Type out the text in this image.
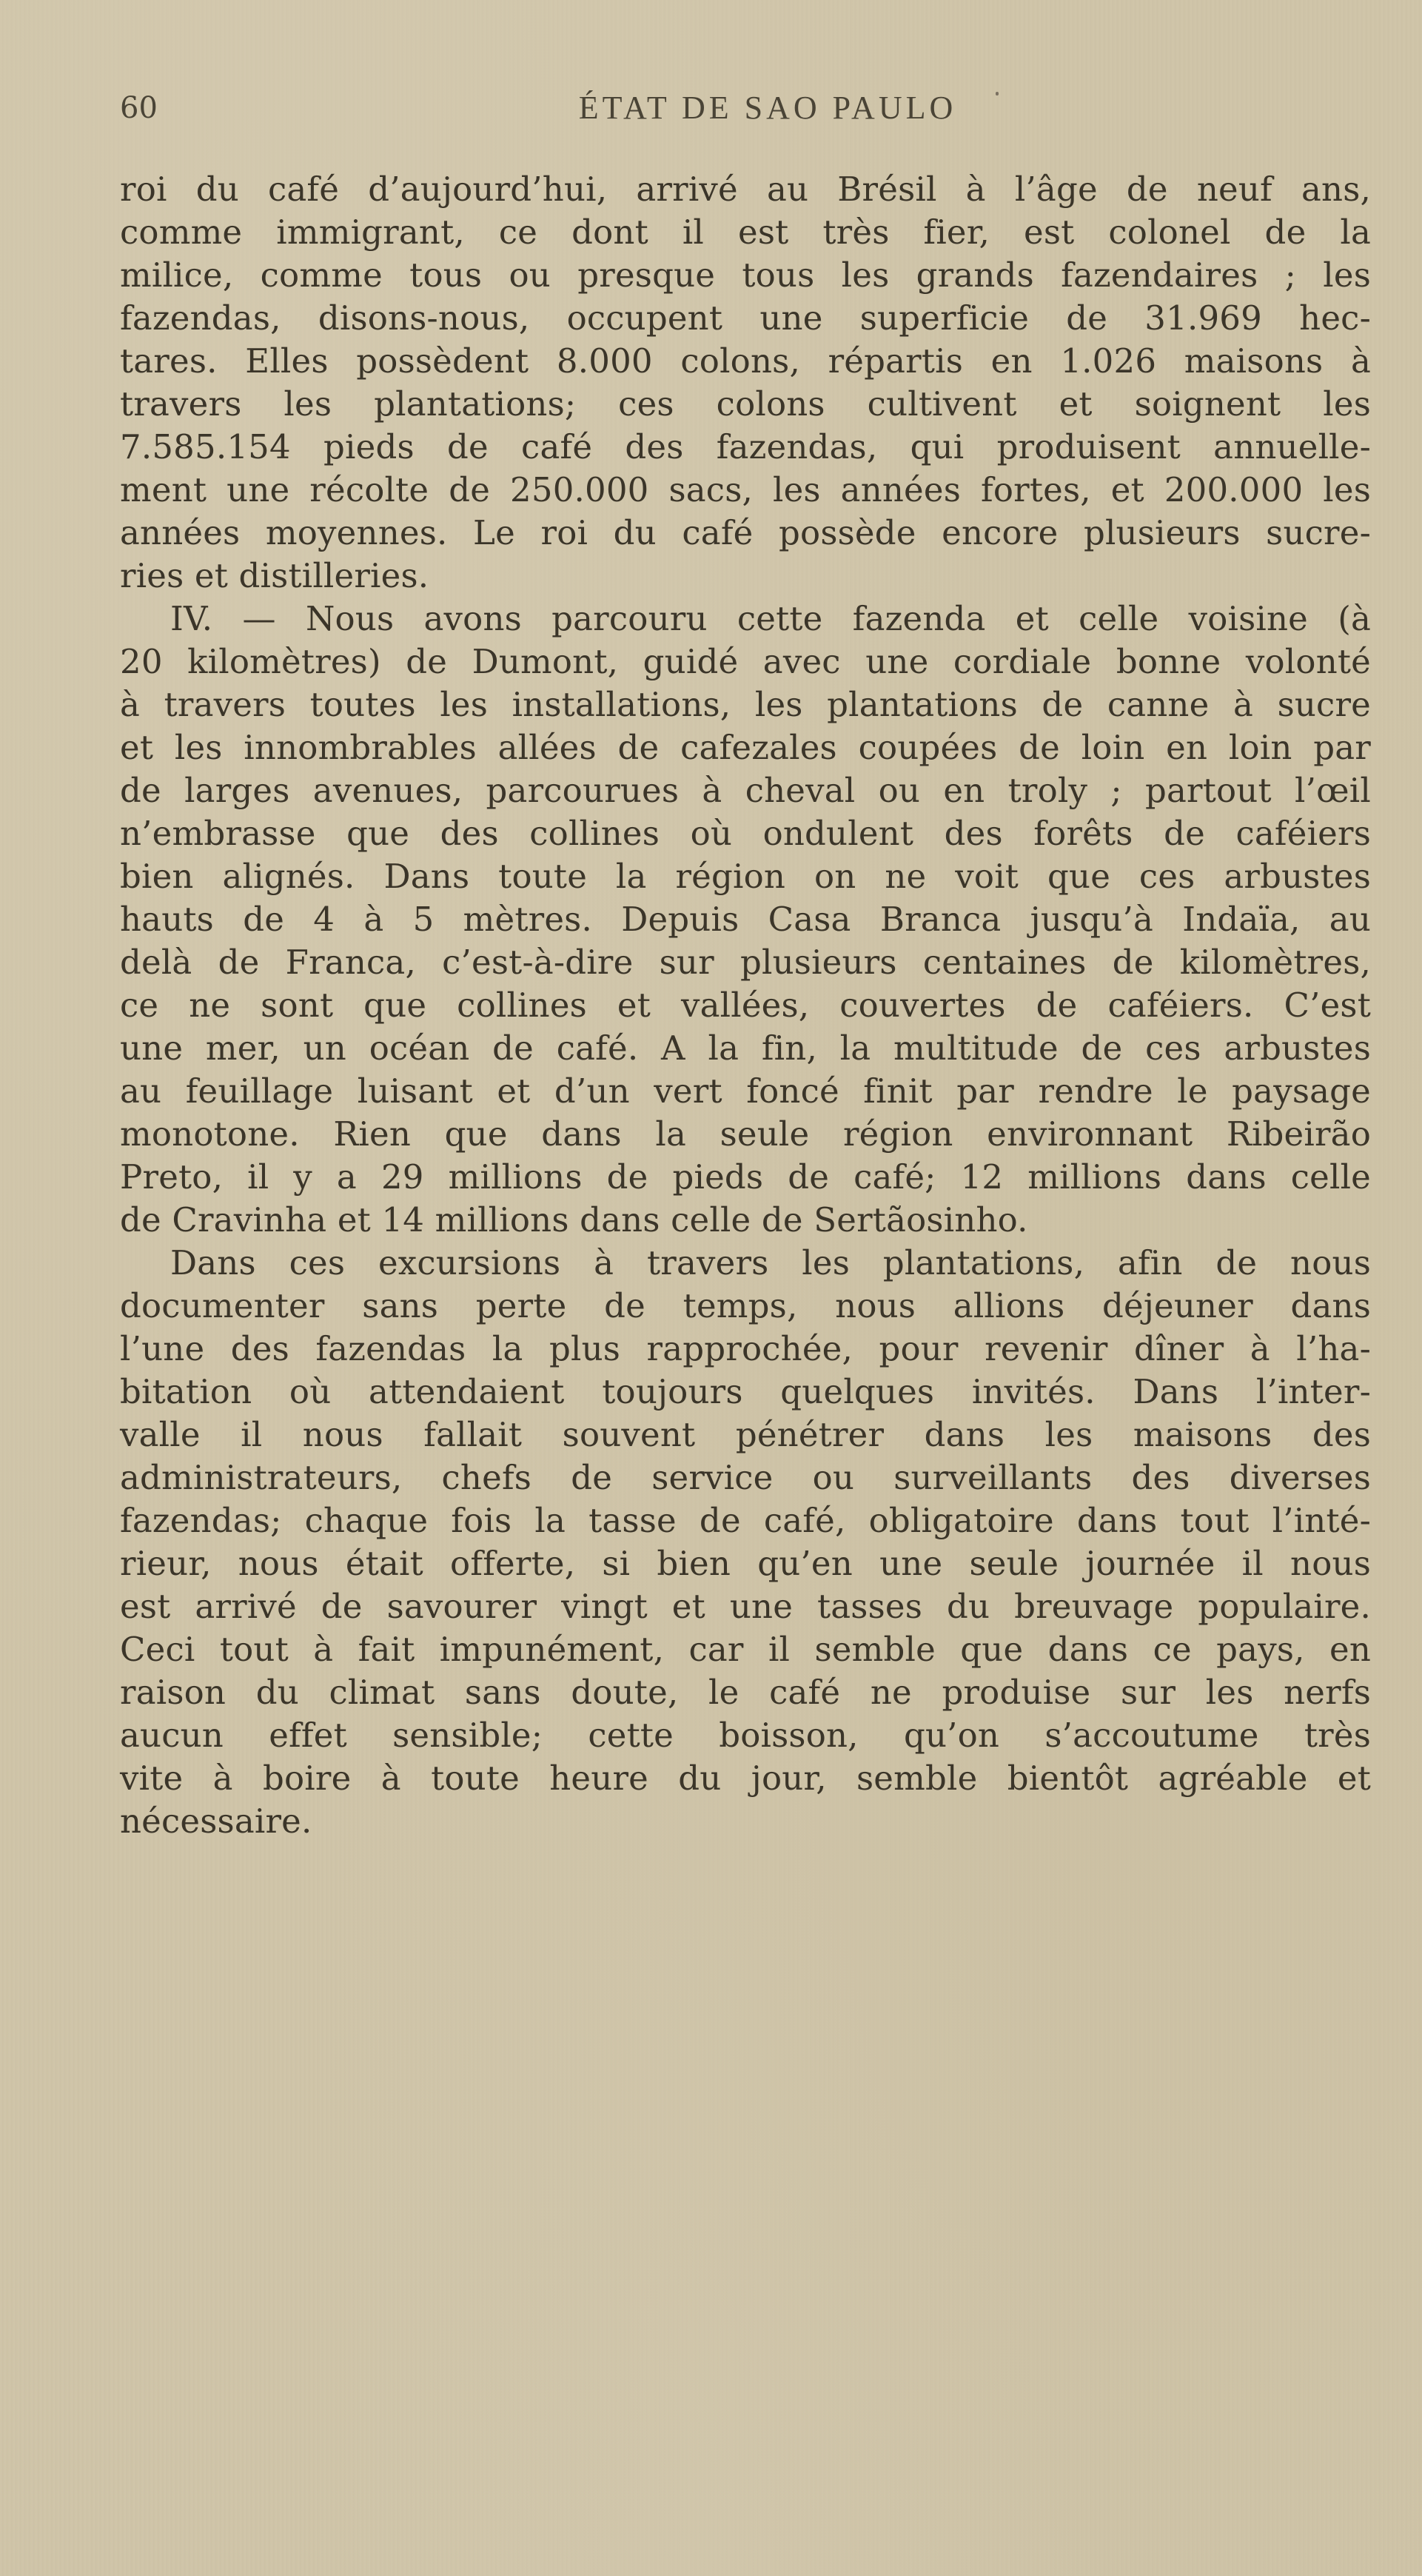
60	ÉTAT DE SAO PAULO
roi du café d’aujourd’hui, arrivé au Brésil à l’âge de neuf ans,
comme immigrant, ce dont il est très fier, est colonel de la
milice, comme tous ou presque tous les grands fazendaires ; les
fazendas, disons-nous, occupent une superficie de 31.969 hec-
tares. Elles possèdent 8.000 colons, répartis en 1.026 maisons à
travers les plantations; ces colons cultivent et soignent les
7.585.154 pieds de café des fazendas, qui produisent annuelle-
ment une récolte de 250.000 sacs, les années fortes, et 200.000 les
années moyennes. Le roi du café possède encore plusieurs sucre-
ries et distilleries.
IV. — Nous avons parcouru cette fazenda et celle voisine (à
20 kilomètres) de Dumont, guidé avec une cordiale bonne volonté
à travers toutes les installations, les plantations de canne à sucre
et les innombrables allées de cafezales coupées de loin en loin par
de larges avenues, parcourues à cheval ou en troly ; partout l’œil
n’embrasse que des collines où ondulent des forêts de caféiers
bien alignés. Dans toute la région on ne voit que ces arbustes
hauts de 4 à 5 mètres. Depuis Casa Branca jusqu’à Indaïa, au
delà de Franca, c’est-à-dire sur plusieurs centaines de kilomètres,
ce ne sont que collines et vallées, couvertes de caféiers. C’est
une mer, un océan de café. A la fin, la multitude de ces arbustes
au feuillage luisant et d’un vert foncé finit par rendre le paysage
monotone. Rien que dans la seule région environnant Ribeirão
Preto, il y a 29 millions de pieds de café; 12 millions dans celle
de Cravinha et 14 millions dans celle de Sertãosinho.
Dans ces excursions à travers les plantations, afin de nous
documenter sans perte de temps, nous allions déjeuner dans
l’une des fazendas la plus rapprochée, pour revenir dîner à l’ha-
bitation où attendaient toujours quelques invités. Dans l’inter-
valle il nous fallait souvent pénétrer dans les maisons des
administrateurs, chefs de service ou surveillants des diverses
fazendas; chaque fois la tasse de café, obligatoire dans tout l’inté-
rieur, nous était offerte, si bien qu’en une seule journée il nous
est arrivé de savourer vingt et une tasses du breuvage populaire.
Ceci tout à fait impunément, car il semble que dans ce pays, en
raison du climat sans doute, le café ne produise sur les nerfs
aucun effet sensible; cette boisson, qu’on s’accoutume très
vite à boire à toute heure du jour, semble bientôt agréable et
nécessaire.
